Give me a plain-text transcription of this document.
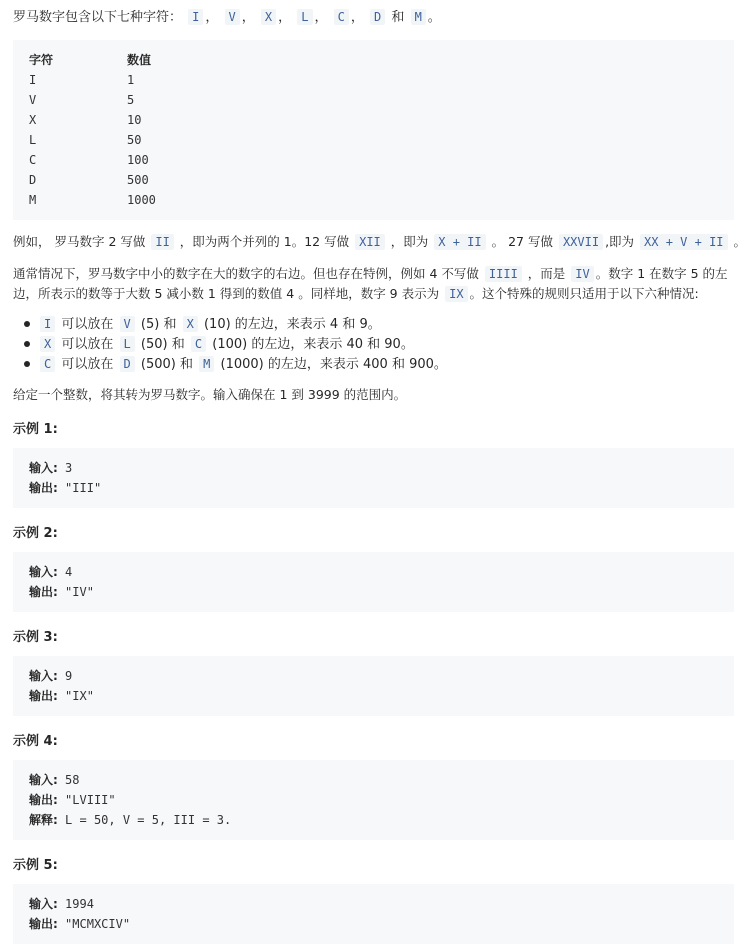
罗马数字包含以下七种字符： I ， V ， X ， L ， C ， D 和 M 。
字符	数值
I	1
V	5
X	10
L	50
C	100
D	500
M	1000
例如， 罗马数字 2 写做 II ，即为两个并列的 1。12 写做 XII ，即为 X + II 。 27 写做 XXVII ,即为 XX + V + II 。
通常情况下，罗马数字中小的数字在大的数字的右边。但也存在特例，例如 4 不写做 IIII ，而是 IV 。数字 1 在数字 5 的左
边，所表示的数等于大数 5 减小数 1 得到的数值 4 。同样地，数字 9 表示为 IX 。这个特殊的规则只适用于以下六种情况:
I 可以放在 V (5) 和 X (10) 的左边，来表示 4 和 9。
X 可以放在 L (50) 和 C (100) 的左边，来表示 40 和 90。
C 可以放在 D (500) 和 M (1000) 的左边，来表示 400 和 900。
给定一个整数，将其转为罗马数字。输入确保在 1 到 3999 的范围内。
示例 1:
输入: 3
输出: "III"
示例 2:
输入: 4
输出: "IV"
示例 3:
输入: 9
输出: "IX"
示例 4:
输入: 58
输出: "LVIII"
解释: L = 50, V = 5, III = 3.
示例 5:
输入: 1994
输出: "MCMXCIV"
